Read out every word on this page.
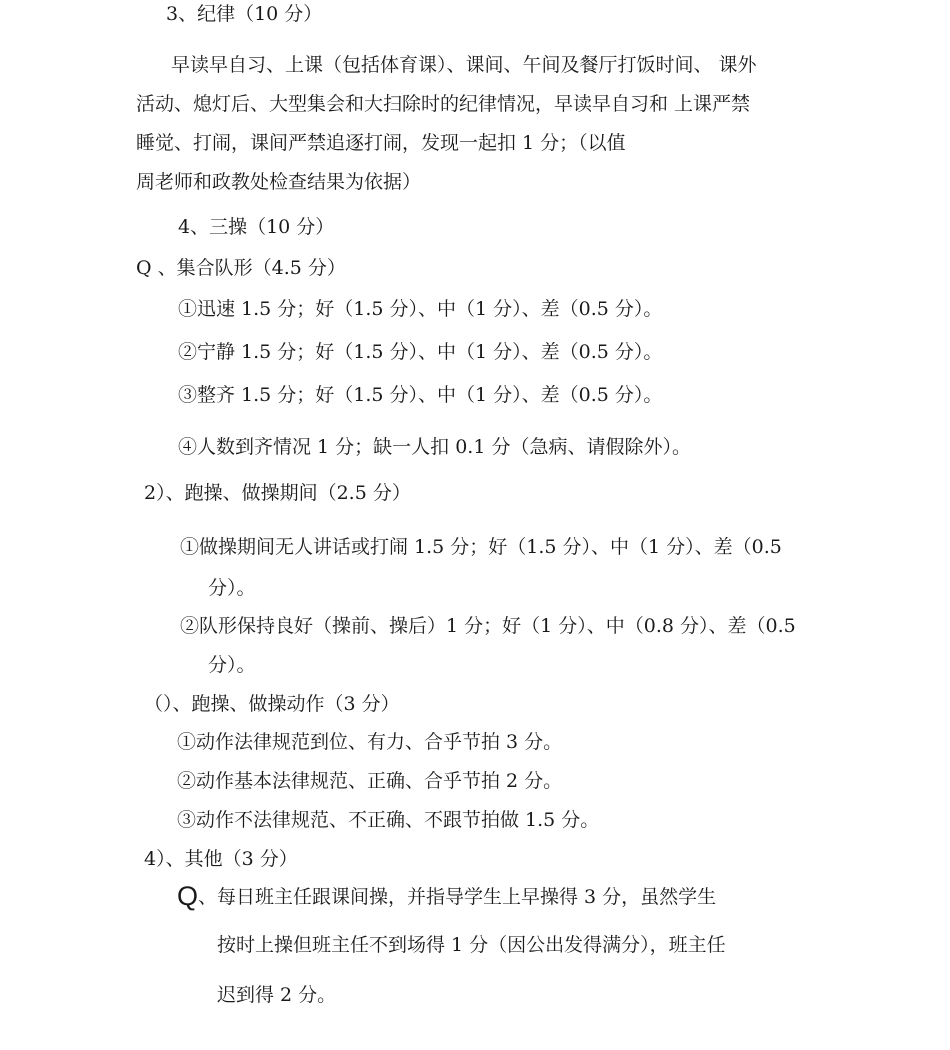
3、纪律（10 分）
早读早自习、上课（包括体育课）、课间、午间及餐厅打饭时间、 课外
活动、熄灯后、大型集会和大扫除时的纪律情况，早读早自习和 上课严禁
睡觉、打闹，课间严禁追逐打闹，发现一起扣 1 分；（以值
周老师和政教处检查结果为依据）
4、三操（10 分）
Q 、集合队形（4.5 分）
①迅速 1.5 分；好（1.5 分）、中（1 分）、差（0.5 分）。
②宁静 1.5 分；好（1.5 分）、中（1 分）、差（0.5 分）。
③整齐 1.5 分；好（1.5 分）、中（1 分）、差（0.5 分）。
④人数到齐情况 1 分；缺一人扣 0.1 分（急病、请假除外）。
2）、跑操、做操期间（2.5 分）
①做操期间无人讲话或打闹 1.5 分；好（1.5 分）、中（1 分）、差（0.5
分）。
②队形保持良好（操前、操后）1 分；好（1 分）、中（0.8 分）、差（0.5
分）。
（）、跑操、做操动作（3 分）
①动作法律规范到位、有力、合乎节拍 3 分。
②动作基本法律规范、正确、合乎节拍 2 分。
③动作不法律规范、不正确、不跟节拍做 1.5 分。
4）、其他（3 分）
Q、每日班主任跟课间操，并指导学生上早操得 3 分，虽然学生
按时上操但班主任不到场得 1 分（因公出发得满分），班主任
迟到得 2 分。
